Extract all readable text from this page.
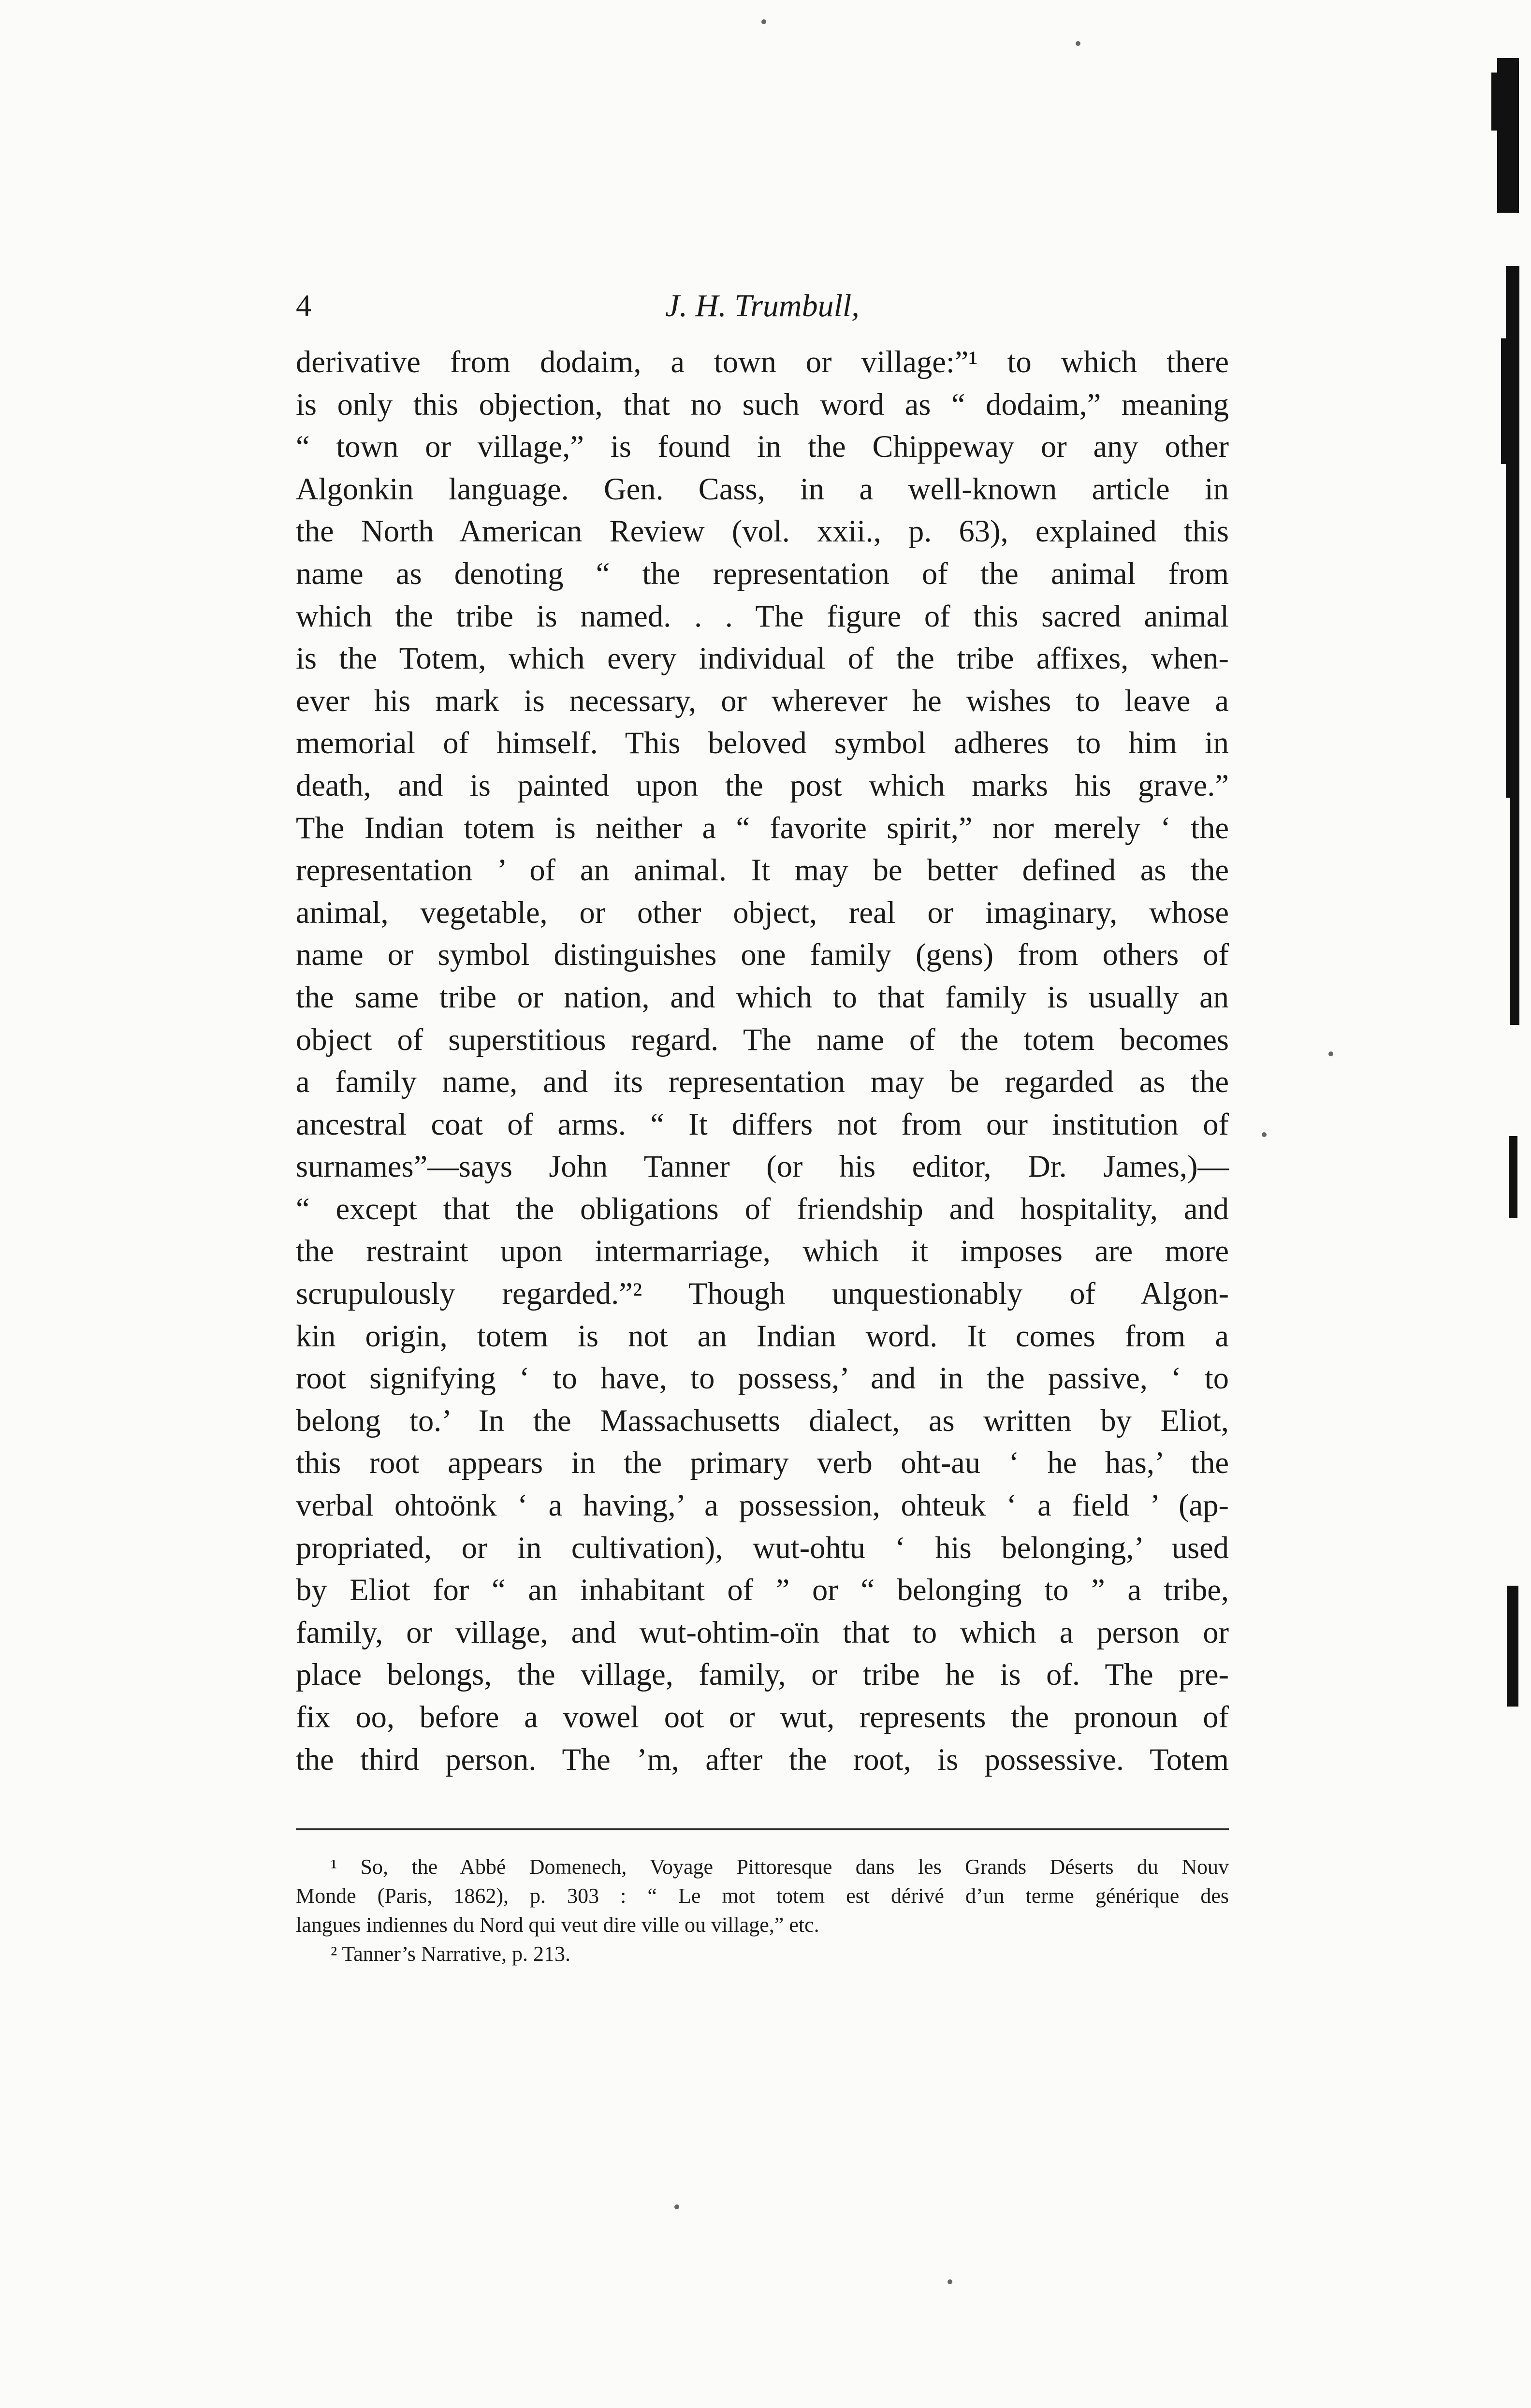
4	J. H. Trumbull,
derivative from dodaim, a town or village:”¹ to which there
is only this objection, that no such word as “ dodaim,” meaning
“ town or village,” is found in the Chippeway or any other
Algonkin language. Gen. Cass, in a well-known article in
the North American Review (vol. xxii., p. 63), explained this
name as denoting “ the representation of the animal from
which the tribe is named. . . The figure of this sacred animal
is the Totem, which every individual of the tribe affixes, when-
ever his mark is necessary, or wherever he wishes to leave a
memorial of himself. This beloved symbol adheres to him in
death, and is painted upon the post which marks his grave.”
The Indian totem is neither a “ favorite spirit,” nor merely ‘ the
representation ’ of an animal. It may be better defined as the
animal, vegetable, or other object, real or imaginary, whose
name or symbol distinguishes one family (gens) from others of
the same tribe or nation, and which to that family is usually an
object of superstitious regard. The name of the totem becomes
a family name, and its representation may be regarded as the
ancestral coat of arms. “ It differs not from our institution of
surnames”—says John Tanner (or his editor, Dr. James,)—
“ except that the obligations of friendship and hospitality, and
the restraint upon intermarriage, which it imposes are more
scrupulously regarded.”² Though unquestionably of Algon-
kin origin, totem is not an Indian word. It comes from a
root signifying ‘ to have, to possess,’ and in the passive, ‘ to
belong to.’ In the Massachusetts dialect, as written by Eliot,
this root appears in the primary verb oht-au ‘ he has,’ the
verbal ohtoönk ‘ a having,’ a possession, ohteuk ‘ a field ’ (ap-
propriated, or in cultivation), wut-ohtu ‘ his belonging,’ used
by Eliot for “ an inhabitant of ” or “ belonging to ” a tribe,
family, or village, and wut-ohtim-oïn that to which a person or
place belongs, the village, family, or tribe he is of. The pre-
fix oo, before a vowel oot or wut, represents the pronoun of
the third person. The ’m, after the root, is possessive. Totem
¹ So, the Abbé Domenech, Voyage Pittoresque dans les Grands Déserts du Nouv
Monde (Paris, 1862), p. 303 : “ Le mot totem est dérivé d’un terme générique des
langues indiennes du Nord qui veut dire ville ou village,” etc.
² Tanner’s Narrative, p. 213.
